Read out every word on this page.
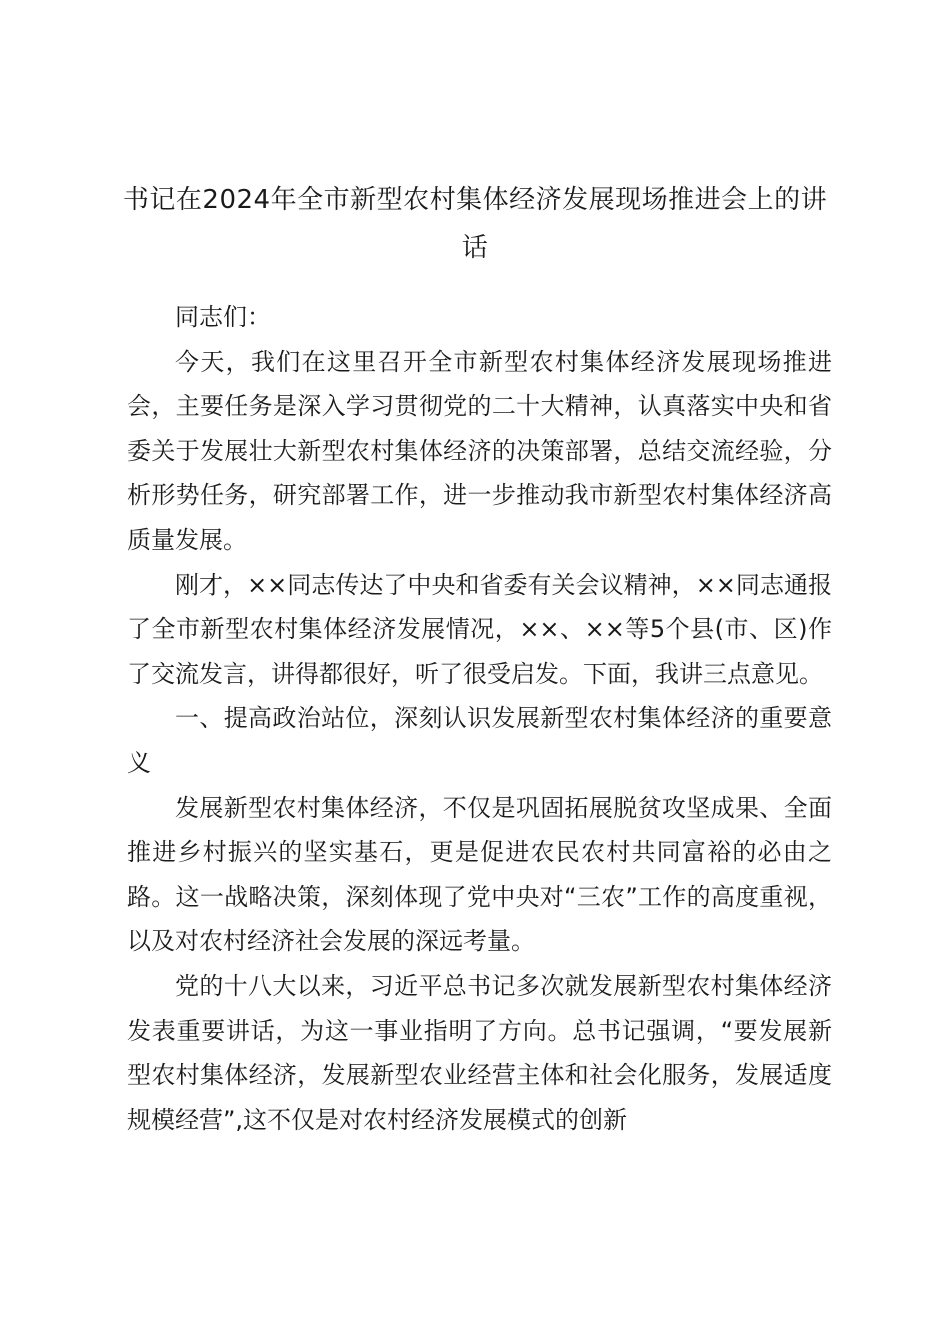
书记在2024年全市新型农村集体经济发展现场推进会上的讲话

同志们：

今天，我们在这里召开全市新型农村集体经济发展现场推进会，主要任务是深入学习贯彻党的二十大精神，认真落实中央和省委关于发展壮大新型农村集体经济的决策部署，总结交流经验，分析形势任务，研究部署工作，进一步推动我市新型农村集体经济高质量发展。

刚才，××同志传达了中央和省委有关会议精神，××同志通报了全市新型农村集体经济发展情况，××、××等5个县(市、区)作了交流发言，讲得都很好，听了很受启发。下面，我讲三点意见。

一、提高政治站位，深刻认识发展新型农村集体经济的重要意义

发展新型农村集体经济，不仅是巩固拓展脱贫攻坚成果、全面推进乡村振兴的坚实基石，更是促进农民农村共同富裕的必由之路。这一战略决策，深刻体现了党中央对“三农”工作的高度重视，以及对农村经济社会发展的深远考量。

党的十八大以来，习近平总书记多次就发展新型农村集体经济发表重要讲话，为这一事业指明了方向。总书记强调，“要发展新型农村集体经济，发展新型农业经营主体和社会化服务，发展适度规模经营”,这不仅是对农村经济发展模式的创新
